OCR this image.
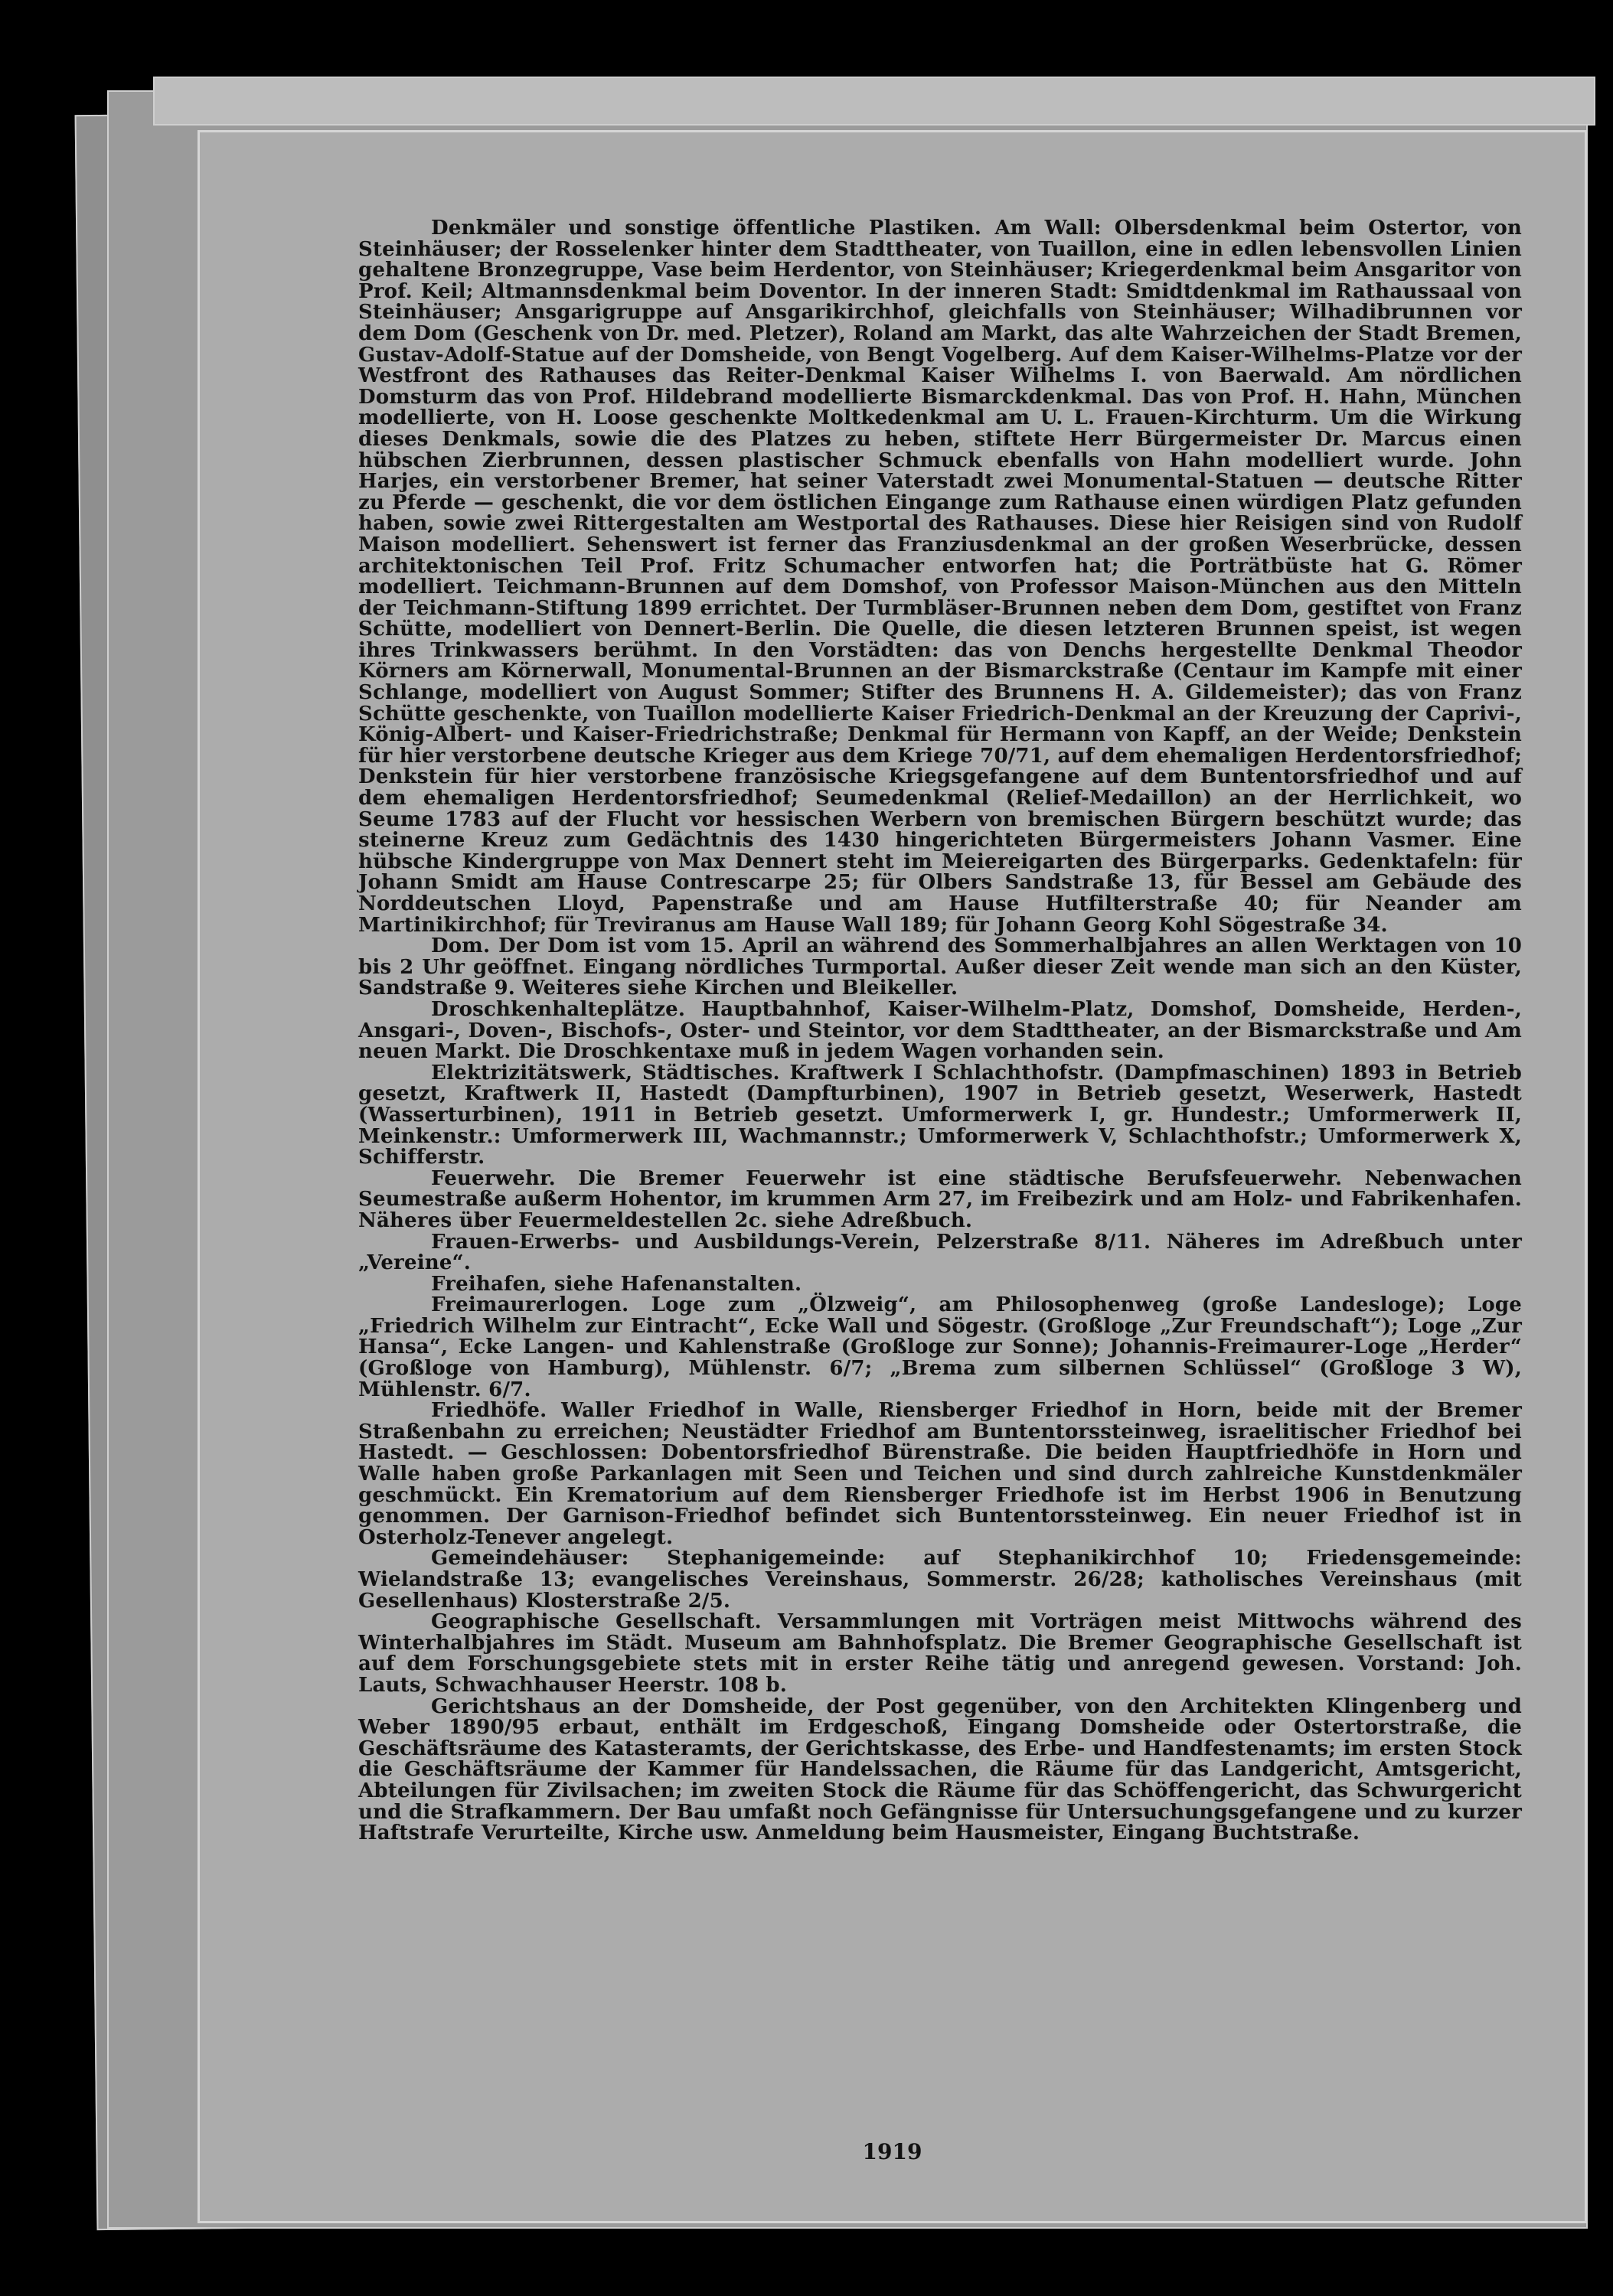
Denkmäler und sonstige öffentliche Plastiken. Am Wall: Olbersdenkmal beim Ostertor, von Steinhäuser; der Rosselenker hinter dem Stadttheater, von Tuaillon, eine in edlen lebensvollen Linien gehaltene Bronzegruppe, Vase beim Herdentor, von Steinhäuser; Kriegerdenkmal beim Ansgaritor von Prof. Keil; Altmannsdenkmal beim Doventor. In der inneren Stadt: Smidtdenkmal im Rathaussaal von Steinhäuser; Ansgarigruppe auf Ansgarikirchhof, gleichfalls von Steinhäuser; Wilhadibrunnen vor dem Dom (Geschenk von Dr. med. Pletzer), Roland am Markt, das alte Wahrzeichen der Stadt Bremen, Gustav-Adolf-Statue auf der Domsheide, von Bengt Vogelberg. Auf dem Kaiser-Wilhelms-Platze vor der Westfront des Rathauses das Reiter-Denkmal Kaiser Wilhelms I. von Baerwald. Am nördlichen Domsturm das von Prof. Hildebrand modellierte Bismarckdenkmal. Das von Prof. H. Hahn, München modellierte, von H. Loose geschenkte Moltkedenkmal am U. L. Frauen-Kirchturm. Um die Wirkung dieses Denkmals, sowie die des Platzes zu heben, stiftete Herr Bürgermeister Dr. Marcus einen hübschen Zierbrunnen, dessen plastischer Schmuck ebenfalls von Hahn modelliert wurde. John Harjes, ein verstorbener Bremer, hat seiner Vaterstadt zwei Monumental-Statuen — deutsche Ritter zu Pferde — geschenkt, die vor dem östlichen Eingange zum Rathause einen würdigen Platz gefunden haben, sowie zwei Rittergestalten am Westportal des Rathauses. Diese hier Reisigen sind von Rudolf Maison modelliert. Sehenswert ist ferner das Franziusdenkmal an der großen Weserbrücke, dessen architektonischen Teil Prof. Fritz Schumacher entworfen hat; die Porträtbüste hat G. Römer modelliert. Teichmann-Brunnen auf dem Domshof, von Professor Maison-München aus den Mitteln der Teichmann-Stiftung 1899 errichtet. Der Turmbläser-Brunnen neben dem Dom, gestiftet von Franz Schütte, modelliert von Dennert-Berlin. Die Quelle, die diesen letzteren Brunnen speist, ist wegen ihres Trinkwassers berühmt. In den Vorstädten: das von Denchs hergestellte Denkmal Theodor Körners am Körnerwall, Monumental-Brunnen an der Bismarckstraße (Centaur im Kampfe mit einer Schlange, modelliert von August Sommer; Stifter des Brunnens H. A. Gildemeister); das von Franz Schütte geschenkte, von Tuaillon modellierte Kaiser Friedrich-Denkmal an der Kreuzung der Caprivi-, König-Albert- und Kaiser-Friedrichstraße; Denkmal für Hermann von Kapff, an der Weide; Denkstein für hier verstorbene deutsche Krieger aus dem Kriege 70/71, auf dem ehemaligen Herdentorsfriedhof; Denkstein für hier verstorbene französische Kriegsgefangene auf dem Buntentorsfriedhof und auf dem ehemaligen Herdentorsfriedhof; Seumedenkmal (Relief-Medaillon) an der Herrlichkeit, wo Seume 1783 auf der Flucht vor hessischen Werbern von bremischen Bürgern beschützt wurde; das steinerne Kreuz zum Gedächtnis des 1430 hingerichteten Bürgermeisters Johann Vasmer. Eine hübsche Kindergruppe von Max Dennert steht im Meiereigarten des Bürgerparks. Gedenktafeln: für Johann Smidt am Hause Contrescarpe 25; für Olbers Sandstraße 13, für Bessel am Gebäude des Norddeutschen Lloyd, Papenstraße und am Hause Hutfilterstraße 40; für Neander am Martinikirchhof; für Treviranus am Hause Wall 189; für Johann Georg Kohl Sögestraße 34.

Dom. Der Dom ist vom 15. April an während des Sommerhalbjahres an allen Werktagen von 10 bis 2 Uhr geöffnet. Eingang nördliches Turmportal. Außer dieser Zeit wende man sich an den Küster, Sandstraße 9. Weiteres siehe Kirchen und Bleikeller.

Droschkenhalteplätze. Hauptbahnhof, Kaiser-Wilhelm-Platz, Domshof, Domsheide, Herden-, Ansgari-, Doven-, Bischofs-, Oster- und Steintor, vor dem Stadttheater, an der Bismarckstraße und Am neuen Markt. Die Droschkentaxe muß in jedem Wagen vorhanden sein.

Elektrizitätswerk, Städtisches. Kraftwerk I Schlachthofstr. (Dampfmaschinen) 1893 in Betrieb gesetzt, Kraftwerk II, Hastedt (Dampfturbinen), 1907 in Betrieb gesetzt, Weserwerk, Hastedt (Wasserturbinen), 1911 in Betrieb gesetzt. Umformerwerk I, gr. Hundestr.; Umformerwerk II, Meinkenstr.: Umformerwerk III, Wachmannstr.; Umformerwerk V, Schlachthofstr.; Umformerwerk X, Schifferstr.

Feuerwehr. Die Bremer Feuerwehr ist eine städtische Berufsfeuerwehr. Nebenwachen Seumestraße außerm Hohentor, im krummen Arm 27, im Freibezirk und am Holz- und Fabrikenhafen. Näheres über Feuermeldestellen 2c. siehe Adreßbuch.

Frauen-Erwerbs- und Ausbildungs-Verein, Pelzerstraße 8/11. Näheres im Adreßbuch unter „Vereine“.

Freihafen, siehe Hafenanstalten.

Freimaurerlogen. Loge zum „Ölzweig“, am Philosophenweg (große Landesloge); Loge „Friedrich Wilhelm zur Eintracht“, Ecke Wall und Sögestr. (Großloge „Zur Freundschaft“); Loge „Zur Hansa“, Ecke Langen- und Kahlenstraße (Großloge zur Sonne); Johannis-Freimaurer-Loge „Herder“ (Großloge von Hamburg), Mühlenstr. 6/7; „Brema zum silbernen Schlüssel“ (Großloge 3 W), Mühlenstr. 6/7.

Friedhöfe. Waller Friedhof in Walle, Riensberger Friedhof in Horn, beide mit der Bremer Straßenbahn zu erreichen; Neustädter Friedhof am Buntentorssteinweg, israelitischer Friedhof bei Hastedt. — Geschlossen: Dobentorsfriedhof Bürenstraße. Die beiden Hauptfriedhöfe in Horn und Walle haben große Parkanlagen mit Seen und Teichen und sind durch zahlreiche Kunstdenkmäler geschmückt. Ein Krematorium auf dem Riensberger Friedhofe ist im Herbst 1906 in Benutzung genommen. Der Garnison-Friedhof befindet sich Buntentorssteinweg. Ein neuer Friedhof ist in Osterholz-Tenever angelegt.

Gemeindehäuser: Stephanigemeinde: auf Stephanikirchhof 10; Friedensgemeinde: Wielandstraße 13; evangelisches Vereinshaus, Sommerstr. 26/28; katholisches Vereinshaus (mit Gesellenhaus) Klosterstraße 2/5.

Geographische Gesellschaft. Versammlungen mit Vorträgen meist Mittwochs während des Winterhalbjahres im Städt. Museum am Bahnhofsplatz. Die Bremer Geographische Gesellschaft ist auf dem Forschungsgebiete stets mit in erster Reihe tätig und anregend gewesen. Vorstand: Joh. Lauts, Schwachhauser Heerstr. 108 b.

Gerichtshaus an der Domsheide, der Post gegenüber, von den Architekten Klingenberg und Weber 1890/95 erbaut, enthält im Erdgeschoß, Eingang Domsheide oder Ostertorstraße, die Geschäftsräume des Katasteramts, der Gerichtskasse, des Erbe- und Handfestenamts; im ersten Stock die Geschäftsräume der Kammer für Handelssachen, die Räume für das Landgericht, Amtsgericht, Abteilungen für Zivilsachen; im zweiten Stock die Räume für das Schöffengericht, das Schwurgericht und die Strafkammern. Der Bau umfaßt noch Gefängnisse für Untersuchungsgefangene und zu kurzer Haftstrafe Verurteilte, Kirche usw. Anmeldung beim Hausmeister, Eingang Buchtstraße.

1919
